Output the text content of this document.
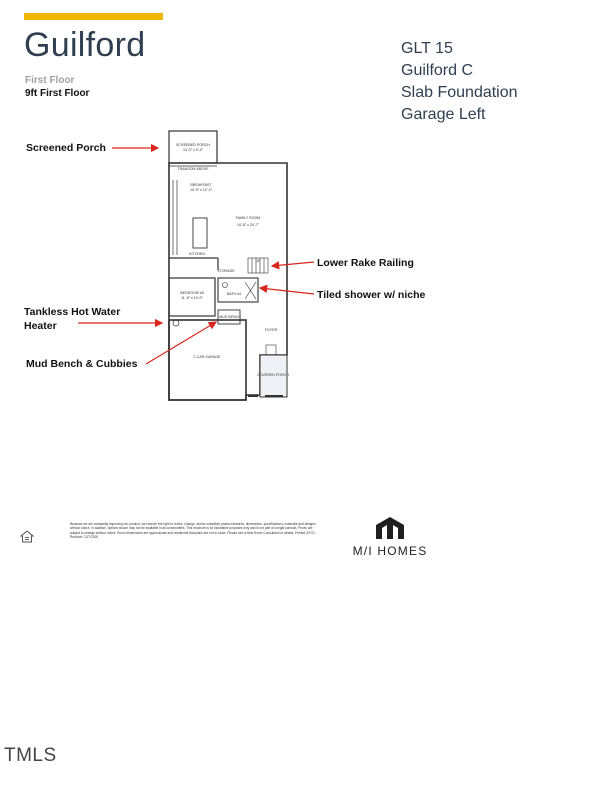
Guilford
First Floor
9ft First Floor
GLT 15
Guilford C
Slab Foundation
Garage Left
Screened Porch
Lower Rake Railing
Tiled shower w/ niche
Tankless Hot Water
Heater
Mud Bench & Cubbies
SCREENED PORCH
13'-0" x 9'-0"
TRANSOM ABOVE
BREAKFAST
14'-9" x 12'-0"
FAMILY ROOM
14'-8" x 20'-7"
KITCHEN
BEDROOM #5
11'-8" x 10'-0"
STORAGE
UP
BATH #4
MUD BENCH
FOYER
2-CAR GARAGE
COVERED PORCH
Because we are constantly improving our product, we reserve the right to revise, change, and/or substitute product features, dimensions, specifications, materials and designs without notice. In addition, options shown may not be available in all communities. This brochure is for illustrative purposes only and is not part of a legal contract. Prices are subject to change without notice. Room dimensions are approximate and residential floorplans are not to scale. Please see a New Home Consultant for details. Printed 3/7/21. Revision: 12/7/2020
M/I HOMES
TMLS
